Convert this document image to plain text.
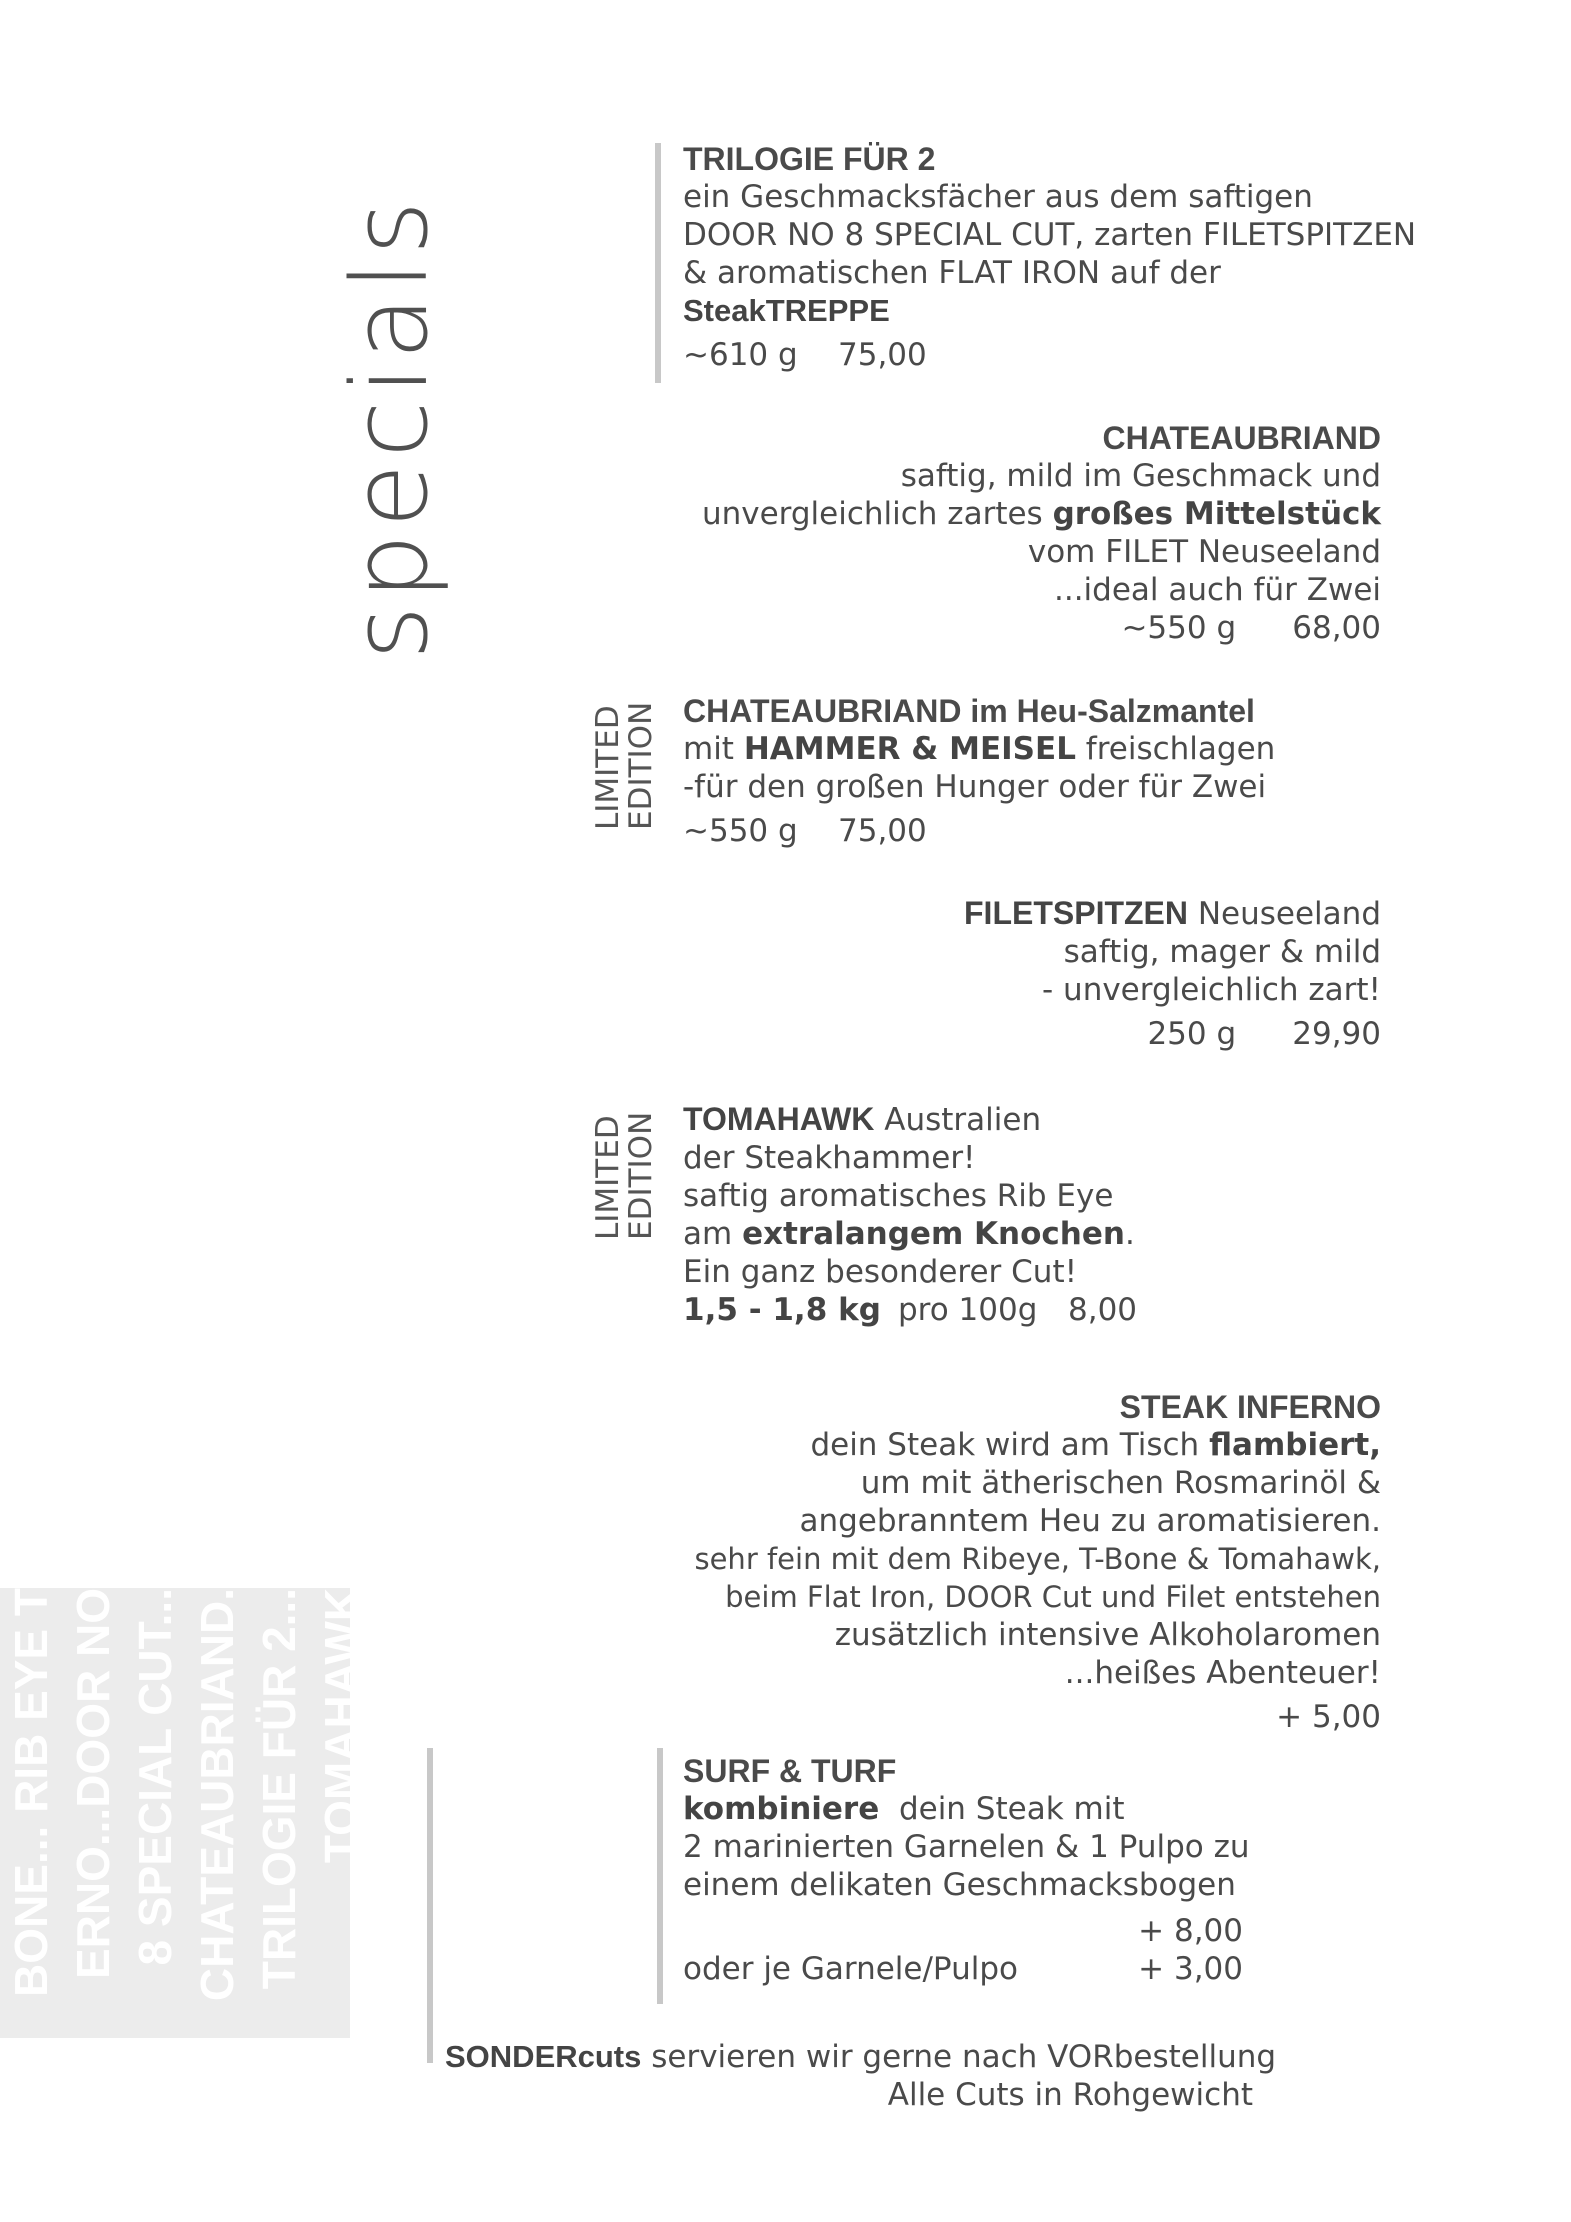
specials
BONE... RIB EYE T ERNO...DOOR NO 8 SPECIAL CUT... CHATEAUBRIAND. TRILOGIE FÜR 2... TOMAHAWK
TRILOGIE FÜR 2
ein Geschmacksfächer aus dem saftigen
DOOR NO 8 SPECIAL CUT, zarten FILETSPITZEN
& aromatischen FLAT IRON auf der
SteakTREPPE
~610 g	75,00
CHATEAUBRIAND
saftig, mild im Geschmack und
unvergleichlich zartes großes Mittelstück
vom FILET Neuseeland
...ideal auch für Zwei
~550 g 68,00
LIMITED
EDITION CHATEAUBRIAND im Heu-Salzmantel
mit HAMMER & MEISEL freischlagen
-für den großen Hunger oder für Zwei
~550 g	75,00
FILETSPITZEN Neuseeland
saftig, mager & mild
- unvergleichlich zart!
250 g 29,90
LIMITED
EDITION TOMAHAWK Australien
der Steakhammer!
saftig aromatisches Rib Eye
am extralangem Knochen.
Ein ganz besonderer Cut!
1,5 - 1,8 kg pro 100g 8,00
STEAK INFERNO
dein Steak wird am Tisch flambiert,
um mit ätherischen Rosmarinöl &
angebranntem Heu zu aromatisieren.
sehr fein mit dem Ribeye, T-Bone & Tomahawk,
beim Flat Iron, DOOR Cut und Filet entstehen
zusätzlich intensive Alkoholaromen
...heißes Abenteuer!
+ 5,00
SURF & TURF
kombiniere  dein Steak mit
2 marinierten Garnelen & 1 Pulpo zu
einem delikaten Geschmacksbogen
+ 8,00
oder je Garnele/Pulpo	+ 3,00
SONDERcuts servieren wir gerne nach VORbestellung
Alle Cuts in Rohgewicht
